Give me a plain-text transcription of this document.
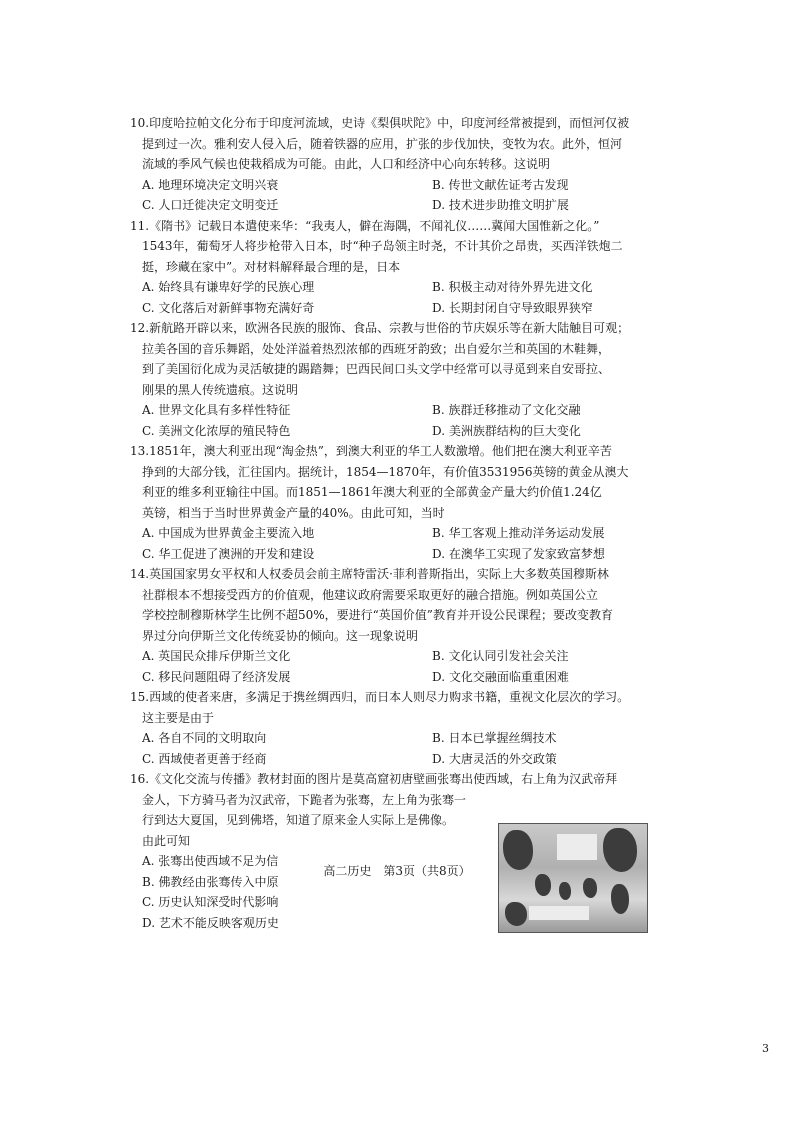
10.印度哈拉帕文化分布于印度河流域，史诗《梨俱吠陀》中，印度河经常被提到，而恒河仅被
提到过一次。雅利安人侵入后，随着铁器的应用，扩张的步伐加快，变牧为农。此外，恒河
流域的季风气候也使栽稻成为可能。由此，人口和经济中心向东转移。这说明
A. 地理环境决定文明兴衰	B. 传世文献佐证考古发现
C. 人口迁徙决定文明变迁	D. 技术进步助推文明扩展
11.《隋书》记载日本遣使来华：“我夷人，僻在海隅，不闻礼仪……冀闻大国惟新之化。”
1543年，葡萄牙人将步枪带入日本，时“种子岛领主时尧，不计其价之昂贵，买西洋铁炮二
挺，珍藏在家中”。对材料解释最合理的是，日本
A. 始终具有谦卑好学的民族心理	B. 积极主动对待外界先进文化
C. 文化落后对新鲜事物充满好奇	D. 长期封闭自守导致眼界狭窄
12.新航路开辟以来，欧洲各民族的服饰、食品、宗教与世俗的节庆娱乐等在新大陆触目可观；
拉美各国的音乐舞蹈，处处洋溢着热烈浓郁的西班牙韵致；出自爱尔兰和英国的木鞋舞，
到了美国衍化成为灵活敏捷的踢踏舞；巴西民间口头文学中经常可以寻觅到来自安哥拉、
刚果的黑人传统遗痕。这说明
A. 世界文化具有多样性特征	B. 族群迁移推动了文化交融
C. 美洲文化浓厚的殖民特色	D. 美洲族群结构的巨大变化
13.1851年，澳大利亚出现“淘金热”，到澳大利亚的华工人数激增。他们把在澳大利亚辛苦
挣到的大部分钱，汇往国内。据统计，1854—1870年，有价值3531956英镑的黄金从澳大
利亚的维多利亚输往中国。而1851—1861年澳大利亚的全部黄金产量大约价值1.24亿
英镑，相当于当时世界黄金产量的40%。由此可知，当时
A. 中国成为世界黄金主要流入地	B. 华工客观上推动洋务运动发展
C. 华工促进了澳洲的开发和建设	D. 在澳华工实现了发家致富梦想
14.英国国家男女平权和人权委员会前主席特雷沃·菲利普斯指出，实际上大多数英国穆斯林
社群根本不想接受西方的价值观，他建议政府需要采取更好的融合措施。例如英国公立
学校控制穆斯林学生比例不超50%，要进行“英国价值”教育并开设公民课程；要改变教育
界过分向伊斯兰文化传统妥协的倾向。这一现象说明
A. 英国民众排斥伊斯兰文化	B. 文化认同引发社会关注
C. 移民问题阻碍了经济发展	D. 文化交融面临重重困难
15.西域的使者来唐，多满足于携丝绸西归，而日本人则尽力购求书籍，重视文化层次的学习。
这主要是由于
A. 各自不同的文明取向	B. 日本已掌握丝绸技术
C. 西域使者更善于经商	D. 大唐灵活的外交政策
16.《文化交流与传播》教材封面的图片是莫高窟初唐壁画张骞出使西域，右上角为汉武帝拜
金人，下方骑马者为汉武帝，下跪者为张骞，左上角为张骞一
行到达大夏国，见到佛塔，知道了原来金人实际上是佛像。
由此可知
A. 张骞出使西域不足为信
B. 佛教经由张骞传入中原
C. 历史认知深受时代影响
D. 艺术不能反映客观历史
高二历史　第3页（共8页）
3
